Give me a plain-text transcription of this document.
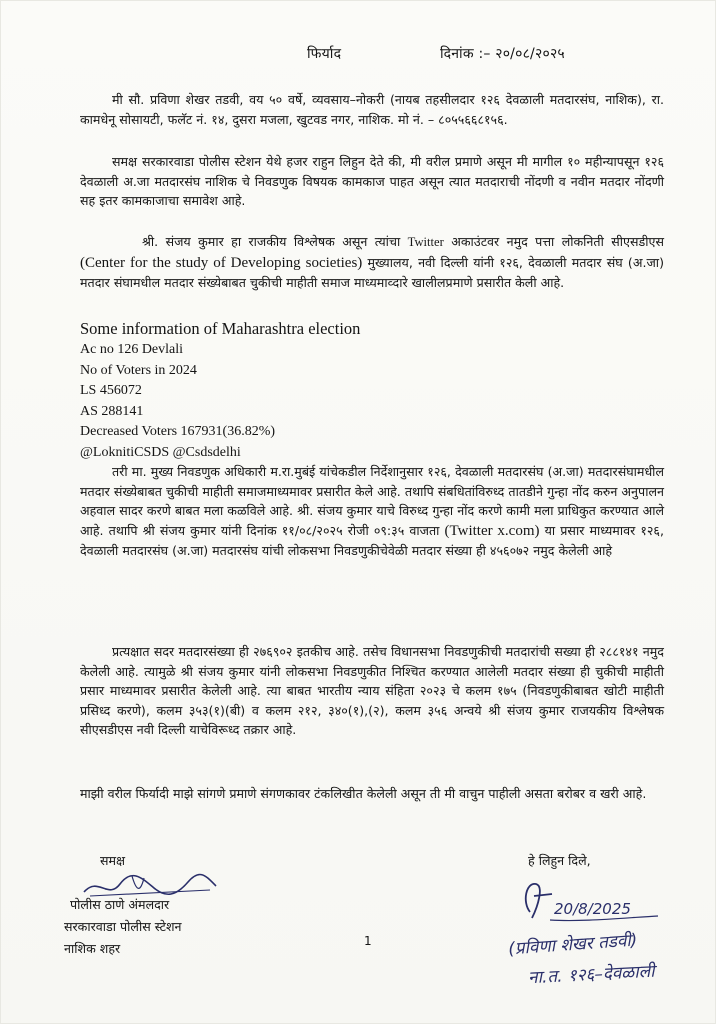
फिर्याद	दिनांक :– २०/०८/२०२५

मी सौ. प्रविणा शेखर तडवी, वय ५० वर्षे, व्यवसाय–नोकरी (नायब तहसीलदार १२६ देवळाली मतदारसंघ, नाशिक), रा. कामधेनू सोसायटी, फलॅट नं. १४, दुसरा मजला, खुटवड नगर, नाशिक. मो नं. – ८०५५६६८१५६.

समक्ष सरकारवाडा पोलीस स्टेशन येथे हजर राहुन लिहुन देते की, मी वरील प्रमाणे असून मी मागील १० महीन्यापसून १२६ देवळाली अ.जा मतदारसंघ नाशिक चे निवडणुक विषयक कामकाज पाहत असून त्यात मतदाराची नोंदणी व नवीन मतदार नोंदणी सह इतर कामकाजाचा समावेश आहे.

श्री. संजय कुमार हा राजकीय विश्लेषक असून त्यांचा Twitter अकाउंटवर नमुद पत्ता लोकनिती सीएसडीएस (Center for the study of Developing societies) मुख्यालय, नवी दिल्ली यांनी १२६, देवळाली मतदार संघ (अ.जा) मतदार संघामधील मतदार संख्येबाबत चुकीची माहीती समाज माध्यमाव्दारे खालीलप्रमाणे प्रसारीत केली आहे.

Some information of Maharashtra election
Ac no 126 Devlali
No of Voters in 2024
LS 456072
AS 288141
Decreased Voters 167931(36.82%)
@LoknitiCSDS @Csdsdelhi

तरी मा. मुख्य निवडणुक अधिकारी म.रा.मुबंई यांचेकडील निर्देशानुसार १२६, देवळाली मतदारसंघ (अ.जा) मतदारसंघामधील मतदार संख्येबाबत चुकीची माहीती समाजमाध्यमावर प्रसारीत केले आहे. तथापि संबधितांविरुध्द तातडीने गुन्हा नोंद करुन अनुपालन अहवाल सादर करणे बाबत मला कळविले आहे. श्री. संजय कुमार याचे विरुध्द गुन्हा नोंद करणे कामी मला प्राधिकुत करण्यात आले आहे. तथापि श्री संजय कुमार यांनी दिनांक ११/०८/२०२५ रोजी ०९:३५ वाजता (Twitter x.com) या प्रसार माध्यमावर १२६, देवळाली मतदारसंघ (अ.जा) मतदारसंघ यांची लोकसभा निवडणुकीचेवेळी मतदार संख्या ही ४५६०७२ नमुद केलेली आहे

प्रत्यक्षात सदर मतदारसंख्या ही २७६९०२ इतकीच आहे. तसेच विधानसभा निवडणुकीची मतदारांची सख्या ही २८८१४१ नमुद केलेली आहे. त्यामुळे श्री संजय कुमार यांनी लोकसभा निवडणुकीत निश्चित करण्यात आलेली मतदार संख्या ही चुकीची माहीती प्रसार माध्यमावर प्रसारीत केलेली आहे. त्या बाबत भारतीय न्याय संहिता २०२३ चे कलम १७५ (निवडणुकीबाबत खोटी माहीती प्रसिध्द करणे), कलम ३५३(१)(बी) व कलम २१२, ३४०(१),(२), कलम ३५६ अन्वये श्री संजय कुमार राजयकीय विश्लेषक सीएसडीएस नवी दिल्ली याचेविरूध्द तक्रार आहे.

माझी वरील फिर्यादी माझे सांगणे प्रमाणे संगणकावर टंकलिखीत केलेली असून ती मी वाचुन पाहीली असता बरोबर व खरी आहे.

समक्ष
पोलीस ठाणे अंमलदार
सरकारवाडा पोलीस स्टेशन
नाशिक शहर	1
हे लिहुन दिले,
20/8/2025
(प्रविणा शेखर तडवी)
ना.त. १२६–देवळाली
